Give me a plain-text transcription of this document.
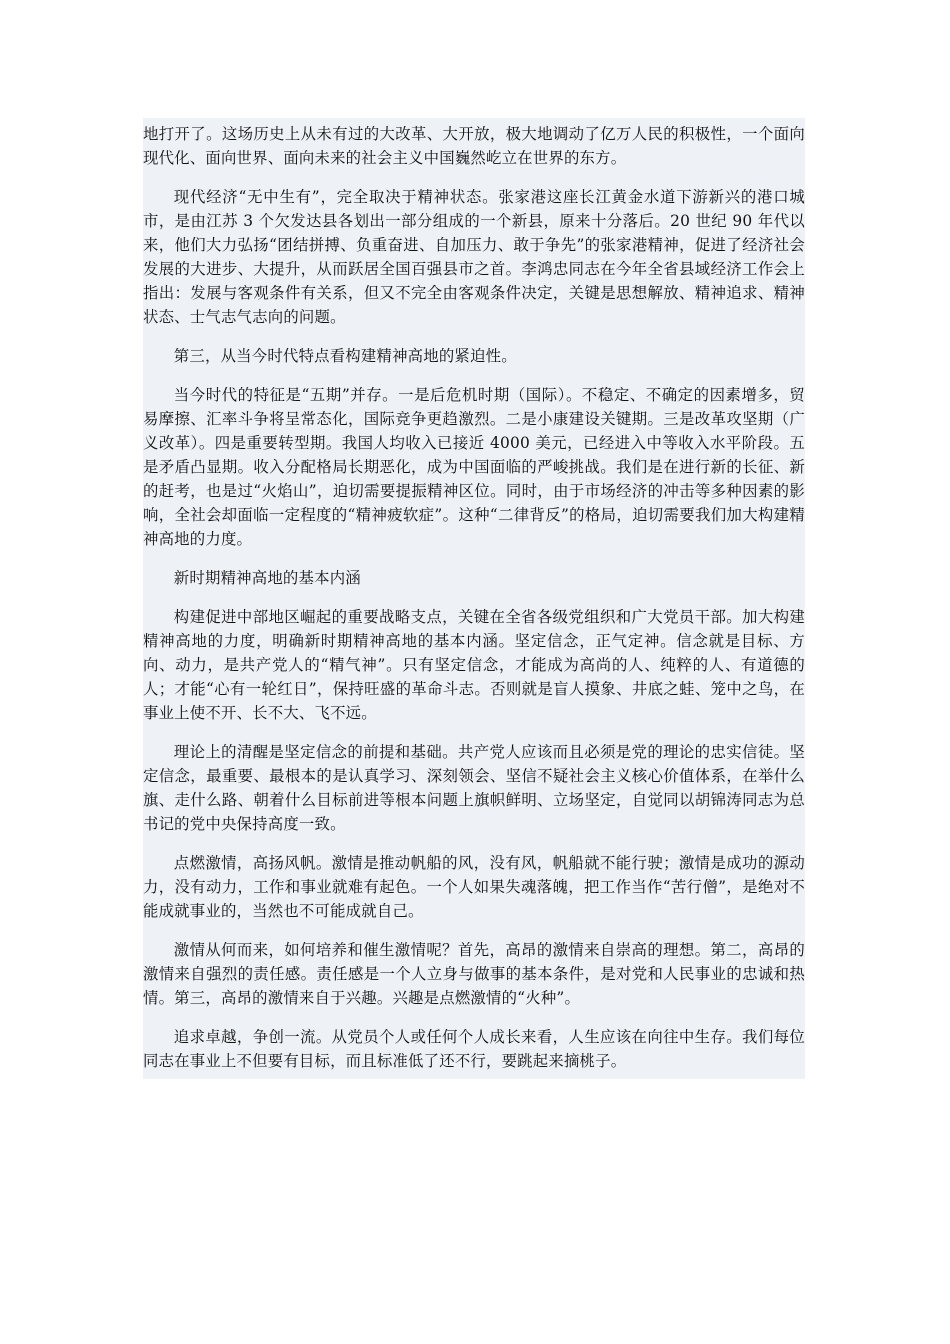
地打开了。这场历史上从未有过的大改革、大开放，极大地调动了亿万人民的积极性，一个面向现代化、面向世界、面向未来的社会主义中国巍然屹立在世界的东方。

现代经济“无中生有”，完全取决于精神状态。张家港这座长江黄金水道下游新兴的港口城市，是由江苏 3 个欠发达县各划出一部分组成的一个新县，原来十分落后。20 世纪 90 年代以来，他们大力弘扬“团结拼搏、负重奋进、自加压力、敢于争先”的张家港精神，促进了经济社会发展的大进步、大提升，从而跃居全国百强县市之首。李鸿忠同志在今年全省县域经济工作会上指出：发展与客观条件有关系，但又不完全由客观条件决定，关键是思想解放、精神追求、精神状态、士气志气志向的问题。

第三，从当今时代特点看构建精神高地的紧迫性。

当今时代的特征是“五期”并存。一是后危机时期（国际）。不稳定、不确定的因素增多，贸易摩擦、汇率斗争将呈常态化，国际竞争更趋激烈。二是小康建设关键期。三是改革攻坚期（广义改革）。四是重要转型期。我国人均收入已接近 4000 美元，已经进入中等收入水平阶段。五是矛盾凸显期。收入分配格局长期恶化，成为中国面临的严峻挑战。我们是在进行新的长征、新的赶考，也是过“火焰山”，迫切需要提振精神区位。同时，由于市场经济的冲击等多种因素的影响，全社会却面临一定程度的“精神疲软症”。这种“二律背反”的格局，迫切需要我们加大构建精神高地的力度。

新时期精神高地的基本内涵

构建促进中部地区崛起的重要战略支点，关键在全省各级党组织和广大党员干部。加大构建精神高地的力度，明确新时期精神高地的基本内涵。坚定信念，正气定神。信念就是目标、方向、动力，是共产党人的“精气神”。只有坚定信念，才能成为高尚的人、纯粹的人、有道德的人；才能“心有一轮红日”，保持旺盛的革命斗志。否则就是盲人摸象、井底之蛙、笼中之鸟，在事业上使不开、长不大、飞不远。

理论上的清醒是坚定信念的前提和基础。共产党人应该而且必须是党的理论的忠实信徒。坚定信念，最重要、最根本的是认真学习、深刻领会、坚信不疑社会主义核心价值体系，在举什么旗、走什么路、朝着什么目标前进等根本问题上旗帜鲜明、立场坚定，自觉同以胡锦涛同志为总书记的党中央保持高度一致。

点燃激情，高扬风帆。激情是推动帆船的风，没有风，帆船就不能行驶；激情是成功的源动力，没有动力，工作和事业就难有起色。一个人如果失魂落魄，把工作当作“苦行僧”，是绝对不能成就事业的，当然也不可能成就自己。

激情从何而来，如何培养和催生激情呢？首先，高昂的激情来自崇高的理想。第二，高昂的激情来自强烈的责任感。责任感是一个人立身与做事的基本条件，是对党和人民事业的忠诚和热情。第三，高昂的激情来自于兴趣。兴趣是点燃激情的“火种”。

追求卓越，争创一流。从党员个人或任何个人成长来看，人生应该在向往中生存。我们每位同志在事业上不但要有目标，而且标准低了还不行，要跳起来摘桃子。
